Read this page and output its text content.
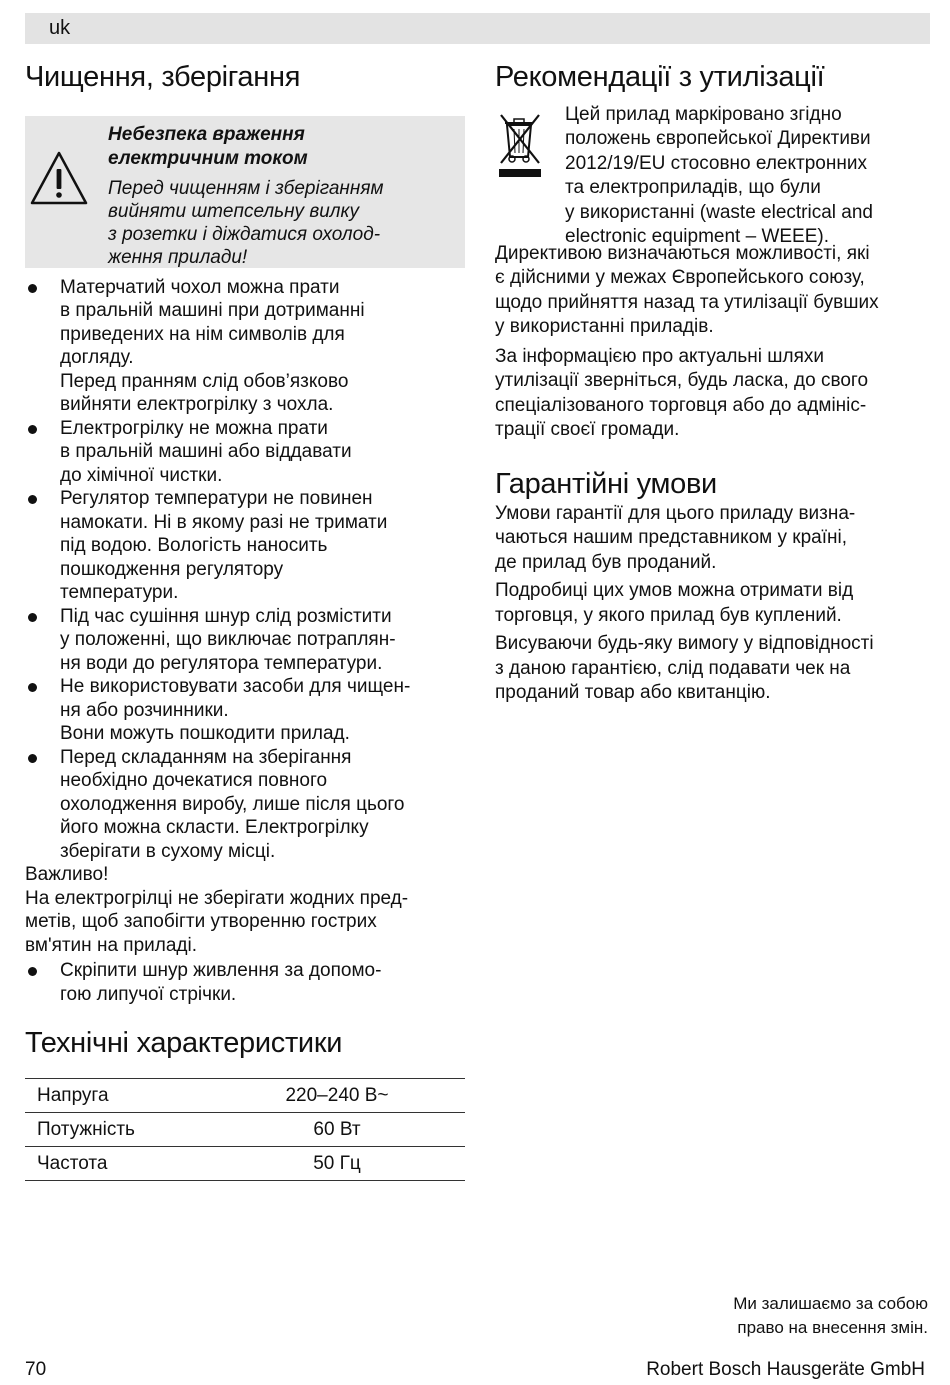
uk
Чищення, зберігання
Небезпека враження
електричним током
Перед чищенням і зберіганням
вийняти штепсельну вилку
з розетки і діждатися охолод-
ження прилади!
Матерчатий чохол можна прати
в пральній машині при дотриманні
приведених на нім символів для
догляду.
Перед пранням слід обов’язково
вийняти електрогрілку з чохла.
Електрогрілку не можна прати
в пральній машині або віддавати
до хімічної чистки.
Регулятор температури не повинен
намокати. Ні в якому разі не тримати
під водою. Вологість наносить
пошкодження регулятору
температури.
Під час сушіння шнур слід розмістити
у положенні, що виключає потраплян-
ня води до регулятора температури.
Не використовувати засоби для чищен-
ня або розчинники.
Вони можуть пошкодити прилад.
Перед складанням на зберігання
необхідно дочекатися повного
охолодження виробу, лише після цього
його можна скласти. Електрогрілку
зберігати в сухому місці.

Важливо!

На електрогрілці не зберігати жодних пред-
метів, щоб запобігти утворенню гострих
вм'ятин на приладі.

Скріпити шнур живлення за допомо-
гою липучої стрічки.
Технічні характеристики
Напруга	220–240 В~
Потужність	60 Вт
Частота	50 Гц
Рекомендації з утилізації
Цей прилад маркіровано згідно
положень європейської Директиви
2012/19/EU стосовно електронних
та електроприладів, що були
у використанні (waste electrical and
electronic equipment – WEEE).

Директивою визначаються можливості, які
є дійсними у межах Європейського союзу,
щодо прийняття назад та утилізації бувших
у використанні приладів.

За інформацією про актуальні шляхи
утилізації зверніться, будь ласка, до свого
спеціалізованого торговця або до адмініс-
трації своєї громади.

Гарантійні умови

Умови гарантії для цього приладу визна-
чаються нашим представником у країні,
де прилад був проданий.

Подробиці цих умов можна отримати від
торговця, у якого прилад був куплений.

Висуваючи будь-яку вимогу у відповідності
з даною гарантією, слід подавати чек на
проданий товар або квитанцію.

Ми залишаємо за собою
право на внесення змін.
70	Robert Bosch Hausgeräte GmbH
